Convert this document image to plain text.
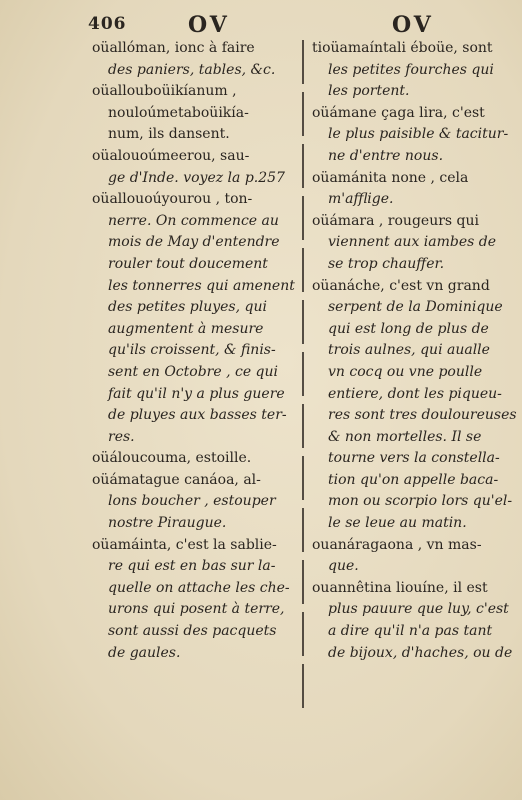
406	OV	OV
oüallóman, ionc à faire
des paniers, tables, &c.
oüallouboüikíanum ,
nouloúmetaboüikía-
num, ils dansent.
oüalouoúmeerou, sau-
ge d'Inde. voyez la p.257
oüallouoúyourou , ton-
nerre. On commence au
mois de May d'entendre
rouler tout doucement
les tonnerres qui amenent
des petites pluyes, qui
augmentent à mesure
qu'ils croissent, & finis-
sent en Octobre , ce qui
fait qu'il n'y a plus guere
de pluyes aux basses ter-
res.
oüáloucouma, estoille.
oüámatague canáoa, al-
lons boucher , estouper
nostre Piraugue.
oüamáinta, c'est la sablie-
re qui est en bas sur la-
quelle on attache les che-
urons qui posent à terre,
sont aussi des pacquets
de gaules.
tioüamaíntali éboüe, sont
les petites fourches qui
les portent.
oüámane çaga lira, c'est
le plus paisible & tacitur-
ne d'entre nous.
oüamánita none , cela
m'afflige.
oüámara , rougeurs qui
viennent aux iambes de
se trop chauffer.
oüanáche, c'est vn grand
serpent de la Dominique
qui est long de plus de
trois aulnes, qui aualle
vn cocq ou vne poulle
entiere, dont les piqueu-
res sont tres douloureuses
& non mortelles. Il se
tourne vers la constella-
tion qu'on appelle baca-
mon ou scorpio lors qu'el-
le se leue au matin.
ouanáragaona , vn mas-
que.
ouannêtina liouíne, il est
plus pauure que luy, c'est
a dire qu'il n'a pas tant
de bijoux, d'haches, ou de
